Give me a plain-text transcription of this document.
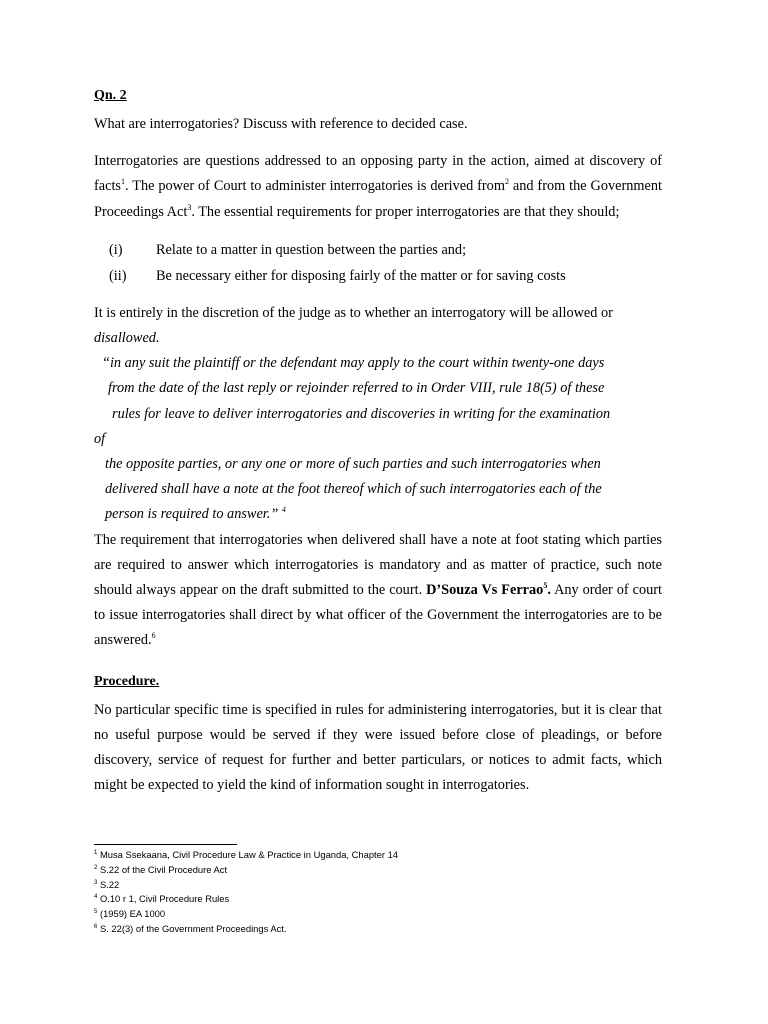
Qn. 2

What are interrogatories? Discuss with reference to decided case.

Interrogatories are questions addressed to an opposing party in the action, aimed at discovery of facts$^1$. The power of Court to administer interrogatories is derived from$^2$ and from the Government Proceedings Act$^3$. The essential requirements for proper interrogatories are that they should;

(i)	Relate to a matter in question between the parties and;
(ii)	Be necessary either for disposing fairly of the matter or for saving costs

It is entirely in the discretion of the judge as to whether an interrogatory will be allowed or
disallowed.

“in any suit the plaintiff or the defendant may apply to the court within twenty-one days
from the date of the last reply or rejoinder referred to in Order VIII, rule 18(5) of these
rules for leave to deliver interrogatories and discoveries in writing for the examination
of
the opposite parties, or any one or more of such parties and such interrogatories when
delivered shall have a note at the foot thereof which of such interrogatories each of the
person is required to answer.” $^4$

The requirement that interrogatories when delivered shall have a note at foot stating which parties are required to answer which interrogatories is mandatory and as matter of practice, such note should always appear on the draft submitted to the court. D’Souza Vs Ferrao$^5$. Any order of court to issue interrogatories shall direct by what officer of the Government the interrogatories are to be answered.$^6$

Procedure.

No particular specific time is specified in rules for administering interrogatories, but it is clear that no useful purpose would be served if they were issued before close of pleadings, or before discovery, service of request for further and better particulars, or notices to admit facts, which might be expected to yield the kind of information sought in interrogatories.

$^1$ Musa Ssekaana, Civil Procedure Law & Practice in Uganda, Chapter 14
$^2$ S.22 of the Civil Procedure Act
$^3$ S.22
$^4$ O.10 r 1, Civil Procedure Rules
$^5$ (1959) EA 1000
$^6$ S. 22(3) of the Government Proceedings Act.
